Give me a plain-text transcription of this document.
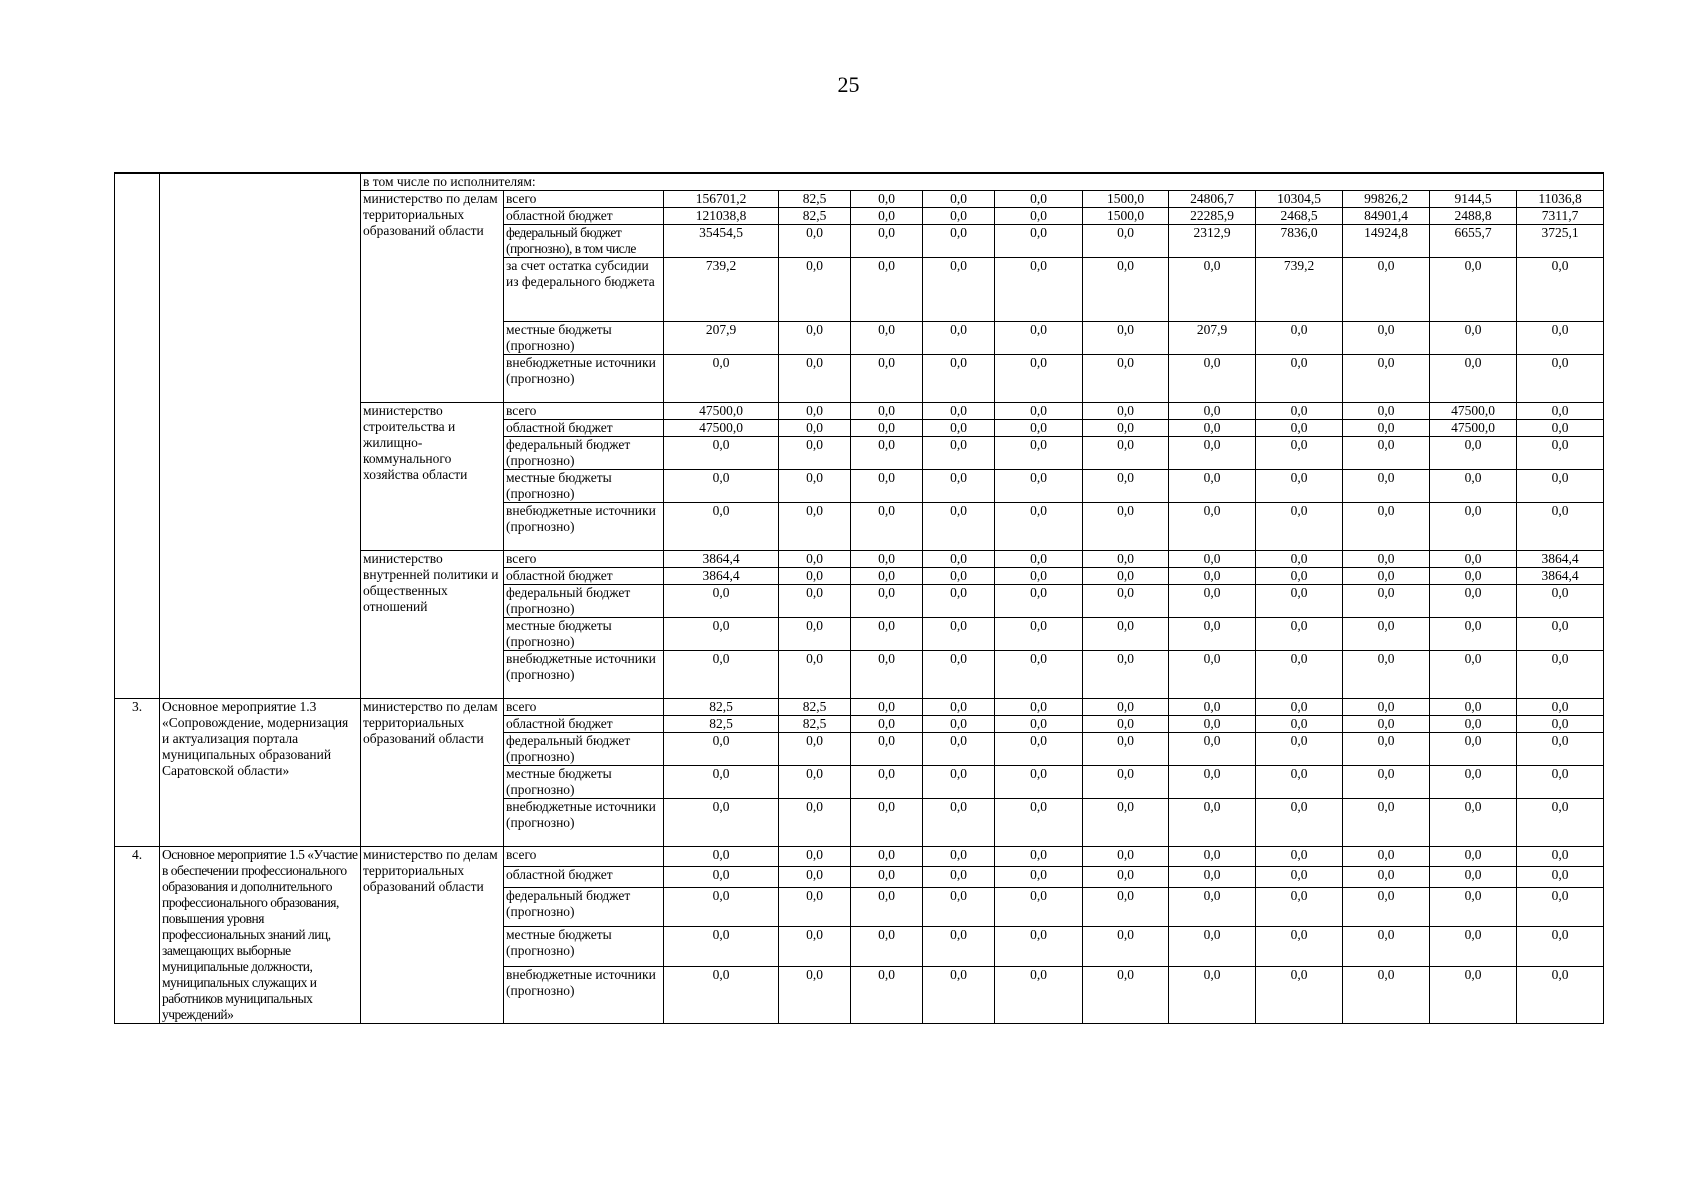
25
		в том числе по исполнителям:												
		министерство по делам территориальных образований области	всего	156701,2	82,5	0,0	0,0	0,0	1500,0	24806,7	10304,5	99826,2	9144,5	11036,8
			областной бюджет	121038,8	82,5	0,0	0,0	0,0	1500,0	22285,9	2468,5	84901,4	2488,8	7311,7
			федеральный бюджет (прогнозно), в том числе	35454,5	0,0	0,0	0,0	0,0	0,0	2312,9	7836,0	14924,8	6655,7	3725,1
			за счет остатка субсидии из федерального бюджета	739,2	0,0	0,0	0,0	0,0	0,0	0,0	739,2	0,0	0,0	0,0
			местные бюджеты (прогнозно)	207,9	0,0	0,0	0,0	0,0	0,0	207,9	0,0	0,0	0,0	0,0
			внебюджетные источники (прогнозно)	0,0	0,0	0,0	0,0	0,0	0,0	0,0	0,0	0,0	0,0	0,0
		министерство строительства и жилищно-коммунального хозяйства области	всего	47500,0	0,0	0,0	0,0	0,0	0,0	0,0	0,0	0,0	47500,0	0,0
			областной бюджет	47500,0	0,0	0,0	0,0	0,0	0,0	0,0	0,0	0,0	47500,0	0,0
			федеральный бюджет (прогнозно)	0,0	0,0	0,0	0,0	0,0	0,0	0,0	0,0	0,0	0,0	0,0
			местные бюджеты (прогнозно)	0,0	0,0	0,0	0,0	0,0	0,0	0,0	0,0	0,0	0,0	0,0
			внебюджетные источники (прогнозно)	0,0	0,0	0,0	0,0	0,0	0,0	0,0	0,0	0,0	0,0	0,0
		министерство внутренней политики и общественных отношений	всего	3864,4	0,0	0,0	0,0	0,0	0,0	0,0	0,0	0,0	0,0	3864,4
			областной бюджет	3864,4	0,0	0,0	0,0	0,0	0,0	0,0	0,0	0,0	0,0	3864,4
			федеральный бюджет (прогнозно)	0,0	0,0	0,0	0,0	0,0	0,0	0,0	0,0	0,0	0,0	0,0
			местные бюджеты (прогнозно)	0,0	0,0	0,0	0,0	0,0	0,0	0,0	0,0	0,0	0,0	0,0
			внебюджетные источники (прогнозно)	0,0	0,0	0,0	0,0	0,0	0,0	0,0	0,0	0,0	0,0	0,0
3.	Основное мероприятие 1.3 «Сопровождение, модернизация и актуализация портала муниципальных образований Саратовской области»	министерство по делам территориальных образований области	всего	82,5	82,5	0,0	0,0	0,0	0,0	0,0	0,0	0,0	0,0	0,0
			областной бюджет	82,5	82,5	0,0	0,0	0,0	0,0	0,0	0,0	0,0	0,0	0,0
			федеральный бюджет (прогнозно)	0,0	0,0	0,0	0,0	0,0	0,0	0,0	0,0	0,0	0,0	0,0
			местные бюджеты (прогнозно)	0,0	0,0	0,0	0,0	0,0	0,0	0,0	0,0	0,0	0,0	0,0
			внебюджетные источники (прогнозно)	0,0	0,0	0,0	0,0	0,0	0,0	0,0	0,0	0,0	0,0	0,0
4.	Основное мероприятие 1.5 «Участие в обеспечении профессионального образования и дополнительного профессионального образования, повышения уровня профессиональных знаний лиц, замещающих выборные муниципальные должности, муниципальных служащих и работников муниципальных учреждений»	министерство по делам территориальных образований области	всего	0,0	0,0	0,0	0,0	0,0	0,0	0,0	0,0	0,0	0,0	0,0
			областной бюджет	0,0	0,0	0,0	0,0	0,0	0,0	0,0	0,0	0,0	0,0	0,0
			федеральный бюджет (прогнозно)	0,0	0,0	0,0	0,0	0,0	0,0	0,0	0,0	0,0	0,0	0,0
			местные бюджеты (прогнозно)	0,0	0,0	0,0	0,0	0,0	0,0	0,0	0,0	0,0	0,0	0,0
			внебюджетные источники (прогнозно)	0,0	0,0	0,0	0,0	0,0	0,0	0,0	0,0	0,0	0,0	0,0
